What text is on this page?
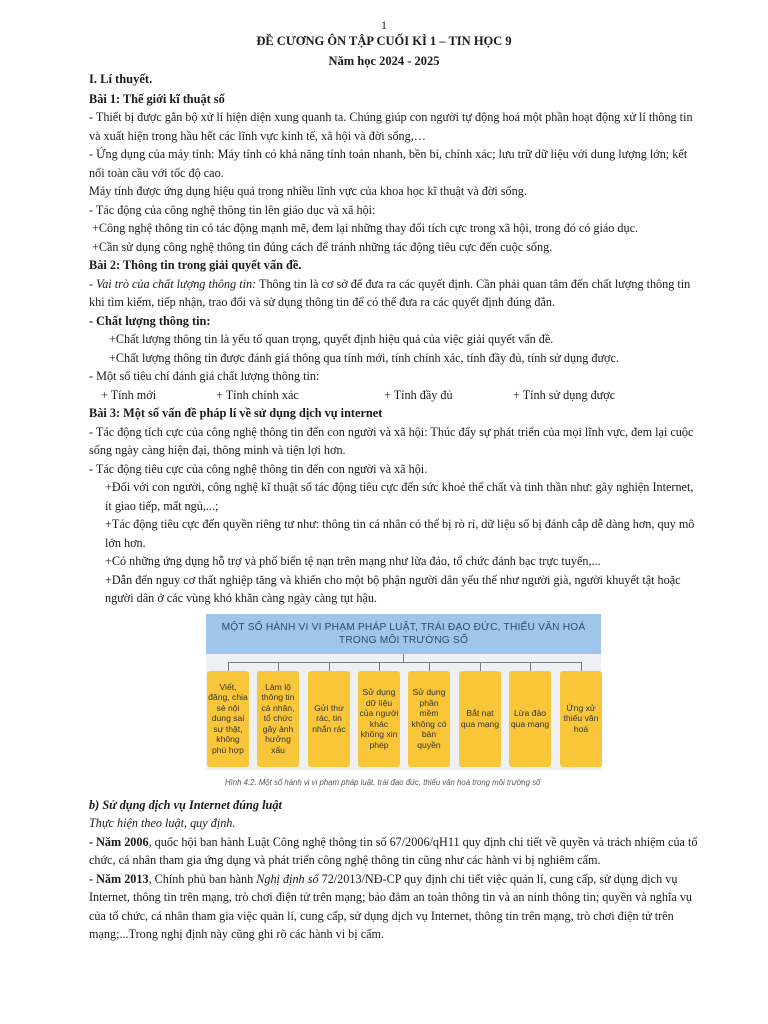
1
ĐỀ CƯƠNG ÔN TẬP CUỐI KÌ 1 – TIN HỌC 9
Năm học 2024 - 2025

I. Lí thuyết.

Bài 1: Thế giới kĩ thuật số

- Thiết bị được gắn bộ xử lí hiện diện xung quanh ta. Chúng giúp con người tự động hoá một phần hoạt động xử lí thông tin và xuất hiện trong hầu hết các lĩnh vực kinh tế, xã hội và đời sống,…

- Ứng dụng của máy tính: Máy tính có khả năng tính toán nhanh, bền bỉ, chính xác; lưu trữ dữ liệu với dung lượng lớn; kết nối toàn cầu với tốc độ cao.

Máy tính được ứng dụng hiệu quả trong nhiều lĩnh vực của khoa học kĩ thuật và đời sống.

- Tác động của công nghệ thông tin lên giáo dục và xã hội:

+Công nghệ thông tin có tác động mạnh mẽ, đem lại những thay đổi tích cực trong xã hội, trong đó có giáo dục.

+Cần sử dụng công nghệ thông tin đúng cách để tránh những tác động tiêu cực đến cuộc sống.

Bài 2: Thông tin trong giải quyết vấn đề.

- Vai trò của chất lượng thông tin: Thông tin là cơ sở để đưa ra các quyết định. Cần phải quan tâm đến chất lượng thông tin khi tìm kiếm, tiếp nhận, trao đổi và sử dụng thông tin để có thể đưa ra các quyết định đúng đắn.

- Chất lượng thông tin:

+Chất lượng thông tin là yếu tố quan trọng, quyết định hiệu quả của việc giải quyết vấn đề.

+Chất lượng thông tin được đánh giá thông qua tính mới, tính chính xác, tính đầy đủ, tính sử dụng được.

- Một số tiêu chí đánh giá chất lượng thông tin:

+ Tính mới	+ Tính chính xác	+ Tính đầy đủ	+ Tính sử dụng được

Bài 3: Một số vấn đề pháp lí về sử dụng dịch vụ internet

- Tác động tích cực của công nghệ thông tin đến con người và xã hội: Thúc đẩy sự phát triển của mọi lĩnh vực, đem lại cuộc sống ngày càng hiện đại, thông minh và tiện lợi hơn.

- Tác động tiêu cực của công nghệ thông tin đến con người và xã hội.

+Đối với con người, công nghệ kĩ thuật số tác động tiêu cực đến sức khoẻ thể chất và tinh thần như: gây nghiện Internet, ít giao tiếp, mất ngủ,...;

+Tác động tiêu cực đến quyền riêng tư như: thông tin cá nhân có thể bị rò rỉ, dữ liệu số bị đánh cắp dễ dàng hơn, quy mô lớn hơn.

+Có những ứng dụng hỗ trợ và phổ biến tệ nạn trên mạng như lừa đảo, tổ chức đánh bạc trực tuyến,...

+Dẫn đến nguy cơ thất nghiệp tăng và khiến cho một bộ phận người dân yếu thế như người già, người khuyết tật hoặc người dân ở các vùng khó khăn càng ngày càng tụt hậu.

MỘT SỐ HÀNH VI VI PHẠM PHÁP LUẬT, TRÁI ĐẠO ĐỨC, THIẾU VĂN HOÁ TRONG MÔI TRƯỜNG SỐ
Viết, đăng, chia sẻ nội dung sai sự thật, không phù hợp
Làm lộ thông tin cá nhân, tổ chức gây ảnh hưởng xấu
Gửi thư rác, tin nhắn rác
Sử dụng dữ liệu của người khác không xin phép
Sử dụng phần mềm không có bản quyền
Bắt nạt qua mạng
Lừa đảo qua mạng
Ứng xử thiếu văn hoá
Hình 4.2. Một số hành vi vi phạm pháp luật, trái đạo đức, thiếu văn hoá trong môi trường số

b) Sử dụng dịch vụ Internet đúng luật

Thực hiện theo luật, quy định.

- Năm 2006, quốc hội ban hành Luật Công nghệ thông tin số 67/2006/qH11 quy định chi tiết về quyền và trách nhiệm của tổ chức, cá nhân tham gia ứng dụng và phát triển công nghệ thông tin cũng như các hành vi bị nghiêm cấm.

- Năm 2013, Chính phủ ban hành Nghị định số 72/2013/NĐ-CP quy định chi tiết việc quản lí, cung cấp, sử dụng dịch vụ Internet, thông tin trên mạng, trò chơi điện tử trên mạng; bảo đảm an toàn thông tin và an ninh thông tin; quyền và nghĩa vụ của tổ chức, cá nhân tham gia việc quản lí, cung cấp, sử dụng dịch vụ Internet, thông tin trên mạng, trò chơi điện tử trên mạng;...Trong nghị định này cũng ghi rõ các hành vi bị cấm.
